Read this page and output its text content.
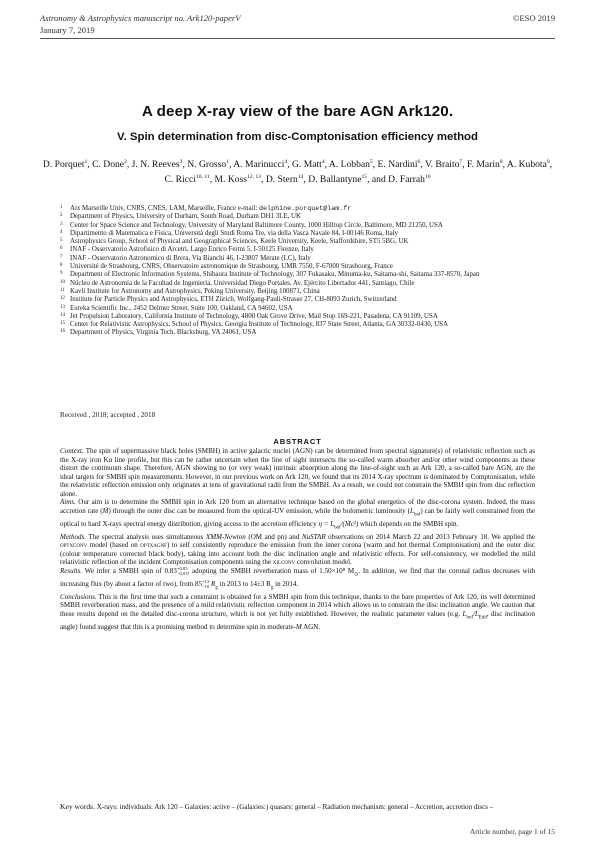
Astronomy & Astrophysics manuscript no. Ark120-paperV	©ESO 2019
January 7, 2019
A deep X-ray view of the bare AGN Ark120.
V. Spin determination from disc-Comptonisation efficiency method
D. Porquet$^1$, C. Done$^2$, J. N. Reeves$^3$, N. Grosso$^1$, A. Marinucci$^4$, G. Matt$^4$, A. Lobban$^5$, E. Nardini$^6$, V. Braito$^7$, F. Marin$^8$, A. Kubota$^9$, C. Ricci$^{10, 11}$, M. Koss$^{12, 13}$, D. Stern$^{14}$, D. Ballantyne$^{15}$, and D. Farrah$^{16}$
1 Aix Marseille Univ, CNRS, CNES, LAM, Marseille, France e-mail: delphine.porquet@lam.fr
2 Department of Physics, University of Durham, South Road, Durham DH1 3LE, UK
3 Center for Space Science and Technology, University of Maryland Baltimore County, 1000 Hilltop Circle, Baltimore, MD 21250, USA
4 Dipartimento di Matematica e Fisica, Università degli Studi Roma Tre, via della Vasca Navale 84, I-00146 Roma, Italy
5 Astrophysics Group, School of Physical and Geographical Sciences, Keele University, Keele, Staffordshire, ST5 5BG, UK
6 INAF - Osservatorio Astrofisico di Arcetri, Largo Enrico Fermi 5, I-50125 Firenze, Italy
7 INAF - Osservatorio Astronomico di Brera, Via Bianchi 46, I-23807 Merate (LC), Italy
8 Université de Strasbourg, CNRS, Observatoire astronomique de Strasbourg, UMR 7550, F-67000 Strasbourg, France
9 Department of Electronic Information Systems, Shibaura Institute of Technology, 307 Fukasaku, Minuma-ku, Saitama-shi, Saitama 337-8570, Japan
10 Núcleo de Astronomía de la Facultad de Ingeniería, Universidad Diego Portales, Av. Ejército Libertador 441, Santiago, Chile
11 Kavli Institute for Astronomy and Astrophysics, Peking University, Beijing 100871, China
12 Institute for Particle Physics and Astrophysics, ETH Zürich, Wolfgang-Pauli-Strasse 27, CH-8093 Zurich, Switzerland
13 Eureka Scientific Inc., 2452 Delmer Street, Suite 100, Oakland, CA 94602, USA
14 Jet Propulsion Laboratory, California Institute of Technology, 4800 Oak Grove Drive, Mail Stop 169-221, Pasadena, CA 91109, USA
15 Center for Relativistic Astrophysics, School of Physics, Georgia Institute of Technology, 837 State Street, Atlanta, GA 30332-0430, USA
16 Department of Physics, Virginia Tech, Blacksburg, VA 24061, USA
Received , 2018; accepted , 2018
ABSTRACT

Context. The spin of supermassive black holes (SMBH) in active galactic nuclei (AGN) can be determined from spectral signature(s) of relativistic reflection such as the X-ray iron Kα line profile, but this can be rather uncertain when the line of sight intersects the so-called warm absorber and/or other wind components as these distort the continuum shape. Therefore, AGN showing no (or very weak) intrinsic absorption along the line-of-sight such as Ark 120, a so-called bare AGN, are the ideal targets for SMBH spin measurements. However, in our previous work on Ark 120, we found that its 2014 X-ray spectrum is dominated by Comptonisation, while the relativistic reflection emission only originates at tens of gravitational radii from the SMBH. As a result, we could not constrain the SMBH spin from disc reflection alone.

Aims. Our aim is to determine the SMBH spin in Ark 120 from an alternative technique based on the global energetics of the disc-corona system. Indeed, the mass accretion rate (Ṁ) through the outer disc can be measured from the optical-UV emission, while the bolometric luminosity $(L_{bol})$ can be fairly well constrained from the optical to hard X-rays spectral energy distribution, giving access to the accretion efficiency $\eta = L_{bol}/(Ṁc^2)$ which depends on the SMBH spin.

Methods. The spectral analysis uses simultaneous XMM-Newton (OM and pn) and NuSTAR observations on 2014 March 22 and 2013 February 18. We applied the optxconv model (based on optxagnf) to self consistently reproduce the emission from the inner corona (warm and hot thermal Comptonisation) and the outer disc (colour temperature corrected black body), taking into account both the disc inclination angle and relativistic effects. For self-consistency, we modelled the mild relativistic reflection of the incident Comptonisation components using the xilconv convolution model.

Results. We infer a SMBH spin of 0.83 +0.05
−0.03 , adopting the SMBH reverberation mass of 1.50×10⁸ $M_⊙$. In addition, we find that the coronal radius decreases with increasing flux (by about a factor of two), from 85 +13
−10 $R_g$ in 2013 to 14±3 $R_g$ in 2014.

Conclusions. This is the first time that such a constraint is obtained for a SMBH spin from this technique, thanks to the bare properties of Ark 120, its well determined SMBH reverberation mass, and the presence of a mild relativistic reflection component in 2014 which allows us to constrain the disc inclination angle. We caution that these results depend on the detailed disc-corona structure, which is not yet fully established. However, the realistic parameter values (e.g. $L_{bol}/L_{Edd}$, disc inclination angle) found suggest that this is a promising method to determine spin in moderate-M AGN.

Key words. X-rays: individuals: Ark 120 – Galaxies: active – (Galaxies:) quasars: general – Radiation mechanism: general – Accretion, accretion discs –
Article number, page 1 of 15
